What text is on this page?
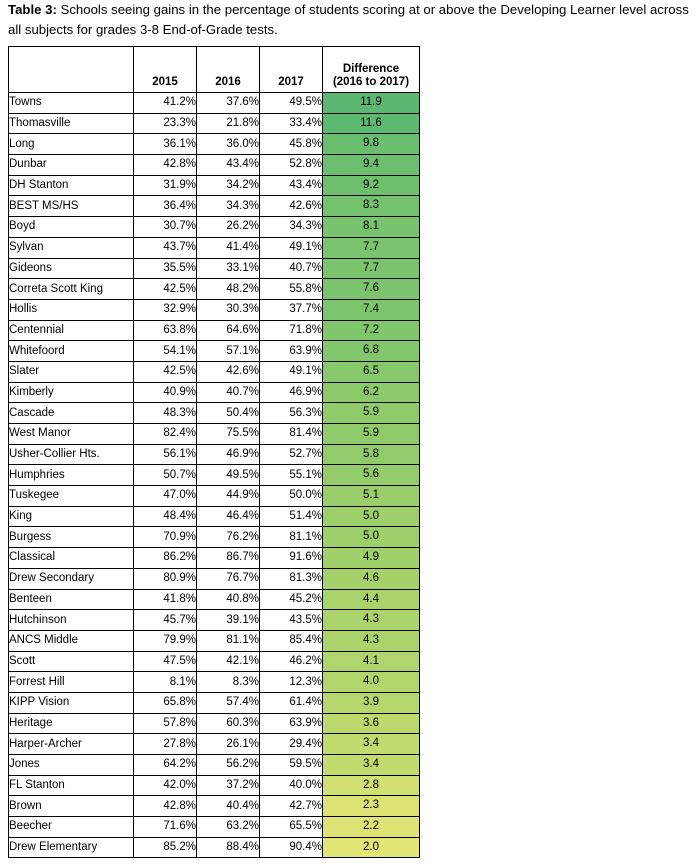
Table 3: Schools seeing gains in the percentage of students scoring at or above the Developing Learner level across all subjects for grades 3-8 End-of-Grade tests.
	2015	2016	2017	Difference
(2016 to 2017)
Towns	41.2%	37.6%	49.5%	11.9
Thomasville	23.3%	21.8%	33.4%	11.6
Long	36.1%	36.0%	45.8%	9.8
Dunbar	42.8%	43.4%	52.8%	9.4
DH Stanton	31.9%	34.2%	43.4%	9.2
BEST MS/HS	36.4%	34.3%	42.6%	8.3
Boyd	30.7%	26.2%	34.3%	8.1
Sylvan	43.7%	41.4%	49.1%	7.7
Gideons	35.5%	33.1%	40.7%	7.7
Correta Scott King	42.5%	48.2%	55.8%	7.6
Hollis	32.9%	30.3%	37.7%	7.4
Centennial	63.8%	64.6%	71.8%	7.2
Whitefoord	54.1%	57.1%	63.9%	6.8
Slater	42.5%	42.6%	49.1%	6.5
Kimberly	40.9%	40.7%	46.9%	6.2
Cascade	48.3%	50.4%	56.3%	5.9
West Manor	82.4%	75.5%	81.4%	5.9
Usher-Collier Hts.	56.1%	46.9%	52.7%	5.8
Humphries	50.7%	49.5%	55.1%	5.6
Tuskegee	47.0%	44.9%	50.0%	5.1
King	48.4%	46.4%	51.4%	5.0
Burgess	70.9%	76.2%	81.1%	5.0
Classical	86.2%	86.7%	91.6%	4.9
Drew Secondary	80.9%	76.7%	81.3%	4.6
Benteen	41.8%	40.8%	45.2%	4.4
Hutchinson	45.7%	39.1%	43.5%	4.3
ANCS Middle	79.9%	81.1%	85.4%	4.3
Scott	47.5%	42.1%	46.2%	4.1
Forrest Hill	8.1%	8.3%	12.3%	4.0
KIPP Vision	65.8%	57.4%	61.4%	3.9
Heritage	57.8%	60.3%	63.9%	3.6
Harper-Archer	27.8%	26.1%	29.4%	3.4
Jones	64.2%	56.2%	59.5%	3.4
FL Stanton	42.0%	37.2%	40.0%	2.8
Brown	42.8%	40.4%	42.7%	2.3
Beecher	71.6%	63.2%	65.5%	2.2
Drew Elementary	85.2%	88.4%	90.4%	2.0
